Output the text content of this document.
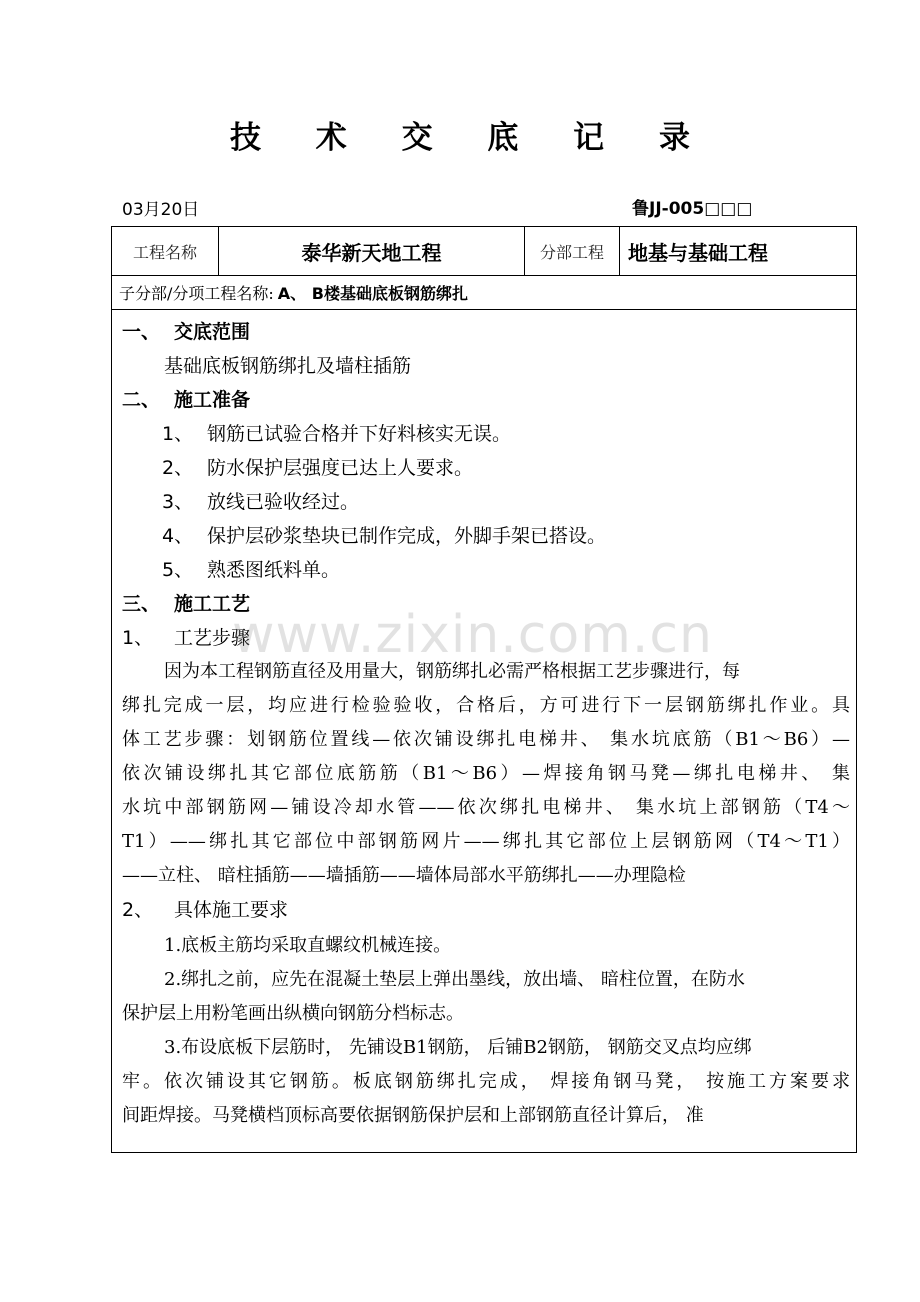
技 术 交 底 记 录
03月20日	鲁JJ-005□□□
工程名称	泰华新天地工程	分部工程	地基与基础工程
子分部/分项工程名称: A、 B楼基础底板钢筋绑扎
一、 交底范围
基础底板钢筋绑扎及墙柱插筋
二、 施工准备
1、 钢筋已试验合格并下好料核实无误。
2、 防水保护层强度已达上人要求。
3、 放线已验收经过。
4、 保护层砂浆垫块已制作完成，外脚手架已搭设。
5、 熟悉图纸料单。
三、 施工工艺
1、 工艺步骤
因为本工程钢筋直径及用量大，钢筋绑扎必需严格根据工艺步骤进行，每
绑扎完成一层，均应进行检验验收，合格后，方可进行下一层钢筋绑扎作业。具
体工艺步骤：划钢筋位置线—依次铺设绑扎电梯井、 集水坑底筋（B1～B6）—
依次铺设绑扎其它部位底筋筋（B1～B6）—焊接角钢马凳—绑扎电梯井、 集
水坑中部钢筋网—铺设冷却水管——依次绑扎电梯井、 集水坑上部钢筋（T4～
T1）——绑扎其它部位中部钢筋网片——绑扎其它部位上层钢筋网（T4～T1）
——立柱、 暗柱插筋——墙插筋——墙体局部水平筋绑扎——办理隐检
2、 具体施工要求
1.底板主筋均采取直螺纹机械连接。
2.绑扎之前，应先在混凝土垫层上弹出墨线，放出墙、 暗柱位置，在防水
保护层上用粉笔画出纵横向钢筋分档标志。
3.布设底板下层筋时， 先铺设B1钢筋， 后铺B2钢筋， 钢筋交叉点均应绑
牢。依次铺设其它钢筋。板底钢筋绑扎完成， 焊接角钢马凳， 按施工方案要求
间距焊接。马凳横档顶标高要依据钢筋保护层和上部钢筋直径计算后， 准
www.zixin.com.cn
